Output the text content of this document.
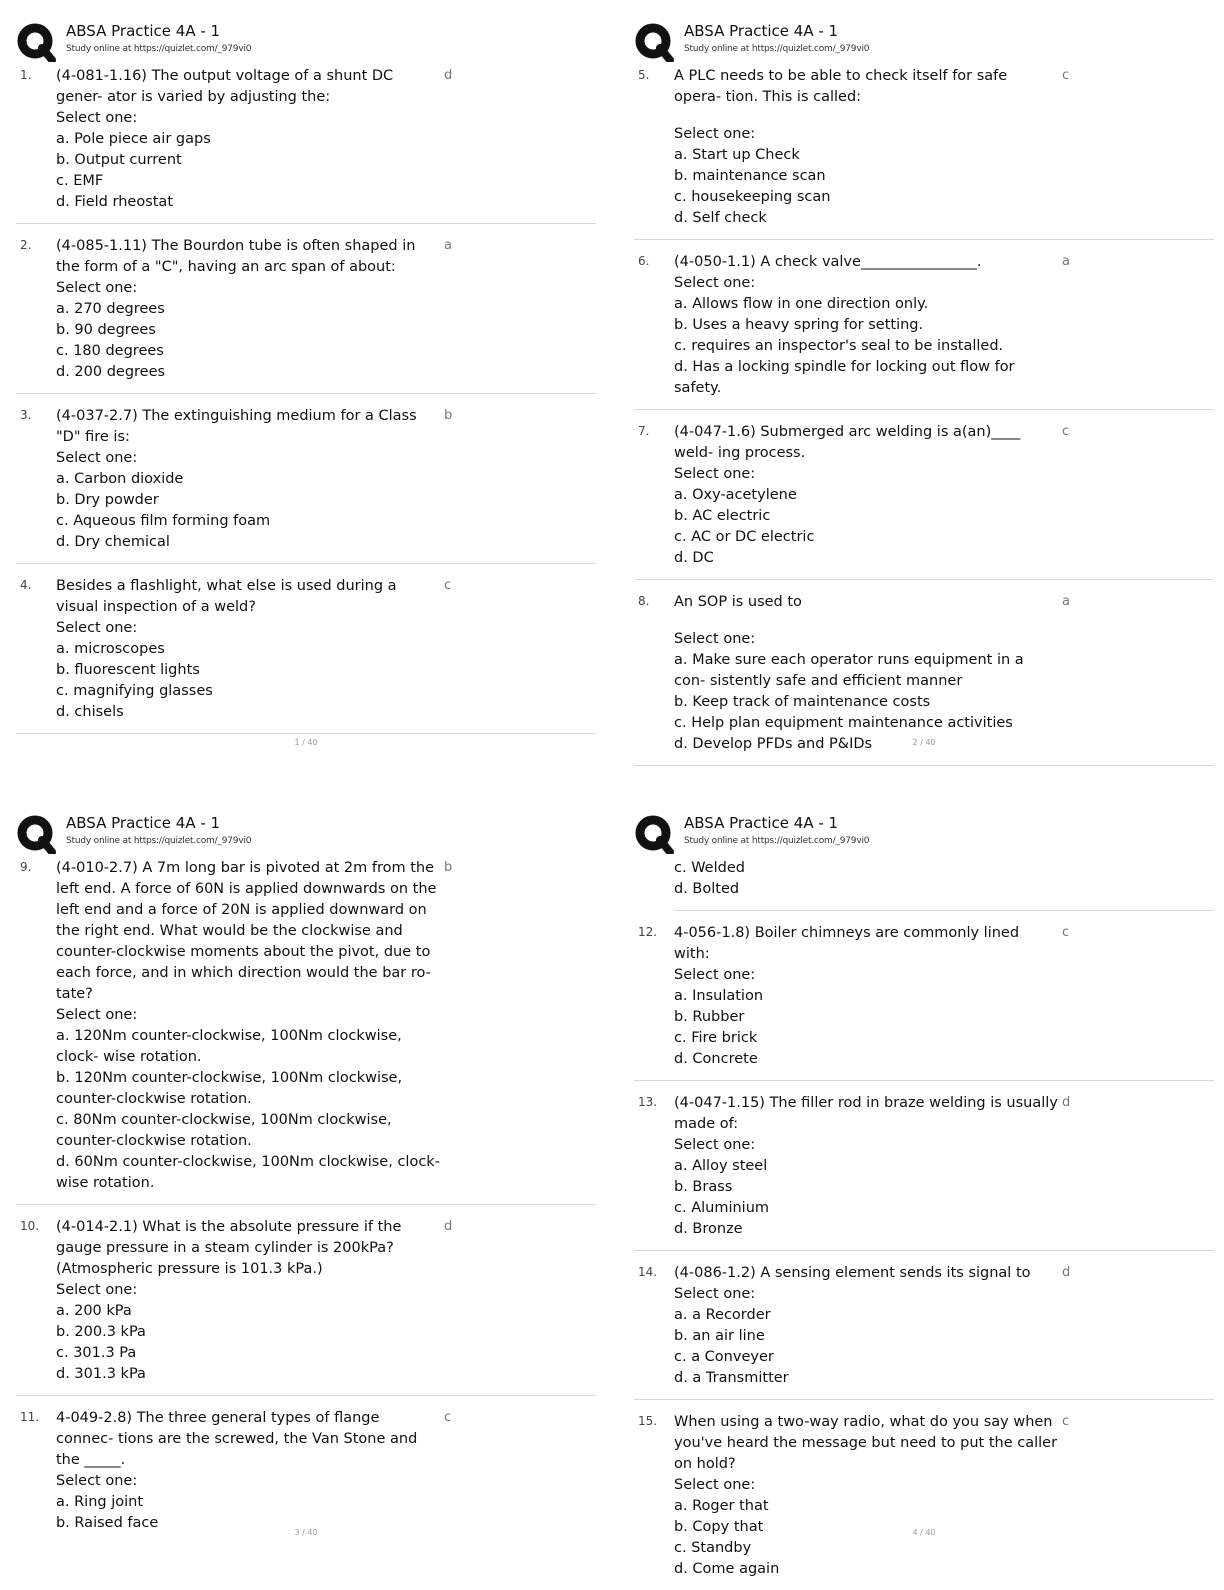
ABSA Practice 4A - 1
Study online at https://quizlet.com/_979vi0
1.	d

(4-081-1.16) The output voltage of a shunt DC gener- ator is varied by adjusting the:

Select one:

a. Pole piece air gaps

b. Output current

c. EMF

d. Field rheostat

2.	a

(4-085-1.11) The Bourdon tube is often shaped in the form of a "C", having an arc span of about:

Select one:

a. 270 degrees

b. 90 degrees

c. 180 degrees

d. 200 degrees

3.	b

(4-037-2.7) The extinguishing medium for a Class "D" fire is:

Select one:

a. Carbon dioxide

b. Dry powder

c. Aqueous film forming foam

d. Dry chemical

4.	c

Besides a flashlight, what else is used during a visual inspection of a weld?

Select one:

a. microscopes

b. fluorescent lights

c. magnifying glasses

d. chisels

1 / 40
ABSA Practice 4A - 1
Study online at https://quizlet.com/_979vi0
5.	c

A PLC needs to be able to check itself for safe opera- tion. This is called:

Select one:

a. Start up Check

b. maintenance scan

c. housekeeping scan

d. Self check

6.	a

(4-050-1.1) A check valve________________.

Select one:

a. Allows flow in one direction only.

b. Uses a heavy spring for setting.

c. requires an inspector's seal to be installed.

d. Has a locking spindle for locking out flow for safety.

7.	c

(4-047-1.6) Submerged arc welding is a(an)____ weld- ing process.

Select one:

a. Oxy-acetylene

b. AC electric

c. AC or DC electric

d. DC

8.	a

An SOP is used to

Select one:

a. Make sure each operator runs equipment in a con- sistently safe and efficient manner

b. Keep track of maintenance costs

c. Help plan equipment maintenance activities

d. Develop PFDs and P&IDs	2 / 40
ABSA Practice 4A - 1
Study online at https://quizlet.com/_979vi0
9.	b

(4-010-2.7) A 7m long bar is pivoted at 2m from the left end. A force of 60N is applied downwards on the left end and a force of 20N is applied downward on the right end. What would be the clockwise and counter-clockwise moments about the pivot, due to each force, and in which direction would the bar ro- tate?

Select one:

a. 120Nm counter-clockwise, 100Nm clockwise, clock- wise rotation.

b. 120Nm counter-clockwise, 100Nm clockwise, counter-clockwise rotation.

c. 80Nm counter-clockwise, 100Nm clockwise, counter-clockwise rotation.

d. 60Nm counter-clockwise, 100Nm clockwise, clock- wise rotation.

10.	d

(4-014-2.1) What is the absolute pressure if the gauge pressure in a steam cylinder is 200kPa? (Atmospheric pressure is 101.3 kPa.)

Select one:

a. 200 kPa

b. 200.3 kPa

c. 301.3 Pa

d. 301.3 kPa

11.	c

4-049-2.8) The three general types of flange connec- tions are the screwed, the Van Stone and the _____.

Select one:

a. Ring joint

b. Raised face

3 / 40
ABSA Practice 4A - 1
Study online at https://quizlet.com/_979vi0

c. Welded

d. Bolted

12.	c

4-056-1.8) Boiler chimneys are commonly lined with:

Select one:

a. Insulation

b. Rubber

c. Fire brick

d. Concrete

13.	d

(4-047-1.15) The filler rod in braze welding is usually made of:

Select one:

a. Alloy steel

b. Brass

c. Aluminium

d. Bronze

14.	d

(4-086-1.2) A sensing element sends its signal to

Select one:

a. a Recorder

b. an air line

c. a Conveyer

d. a Transmitter

15.	c

When using a two-way radio, what do you say when you've heard the message but need to put the caller on hold?

Select one:

a. Roger that

b. Copy that

c. Standby

d. Come again

4 / 40
